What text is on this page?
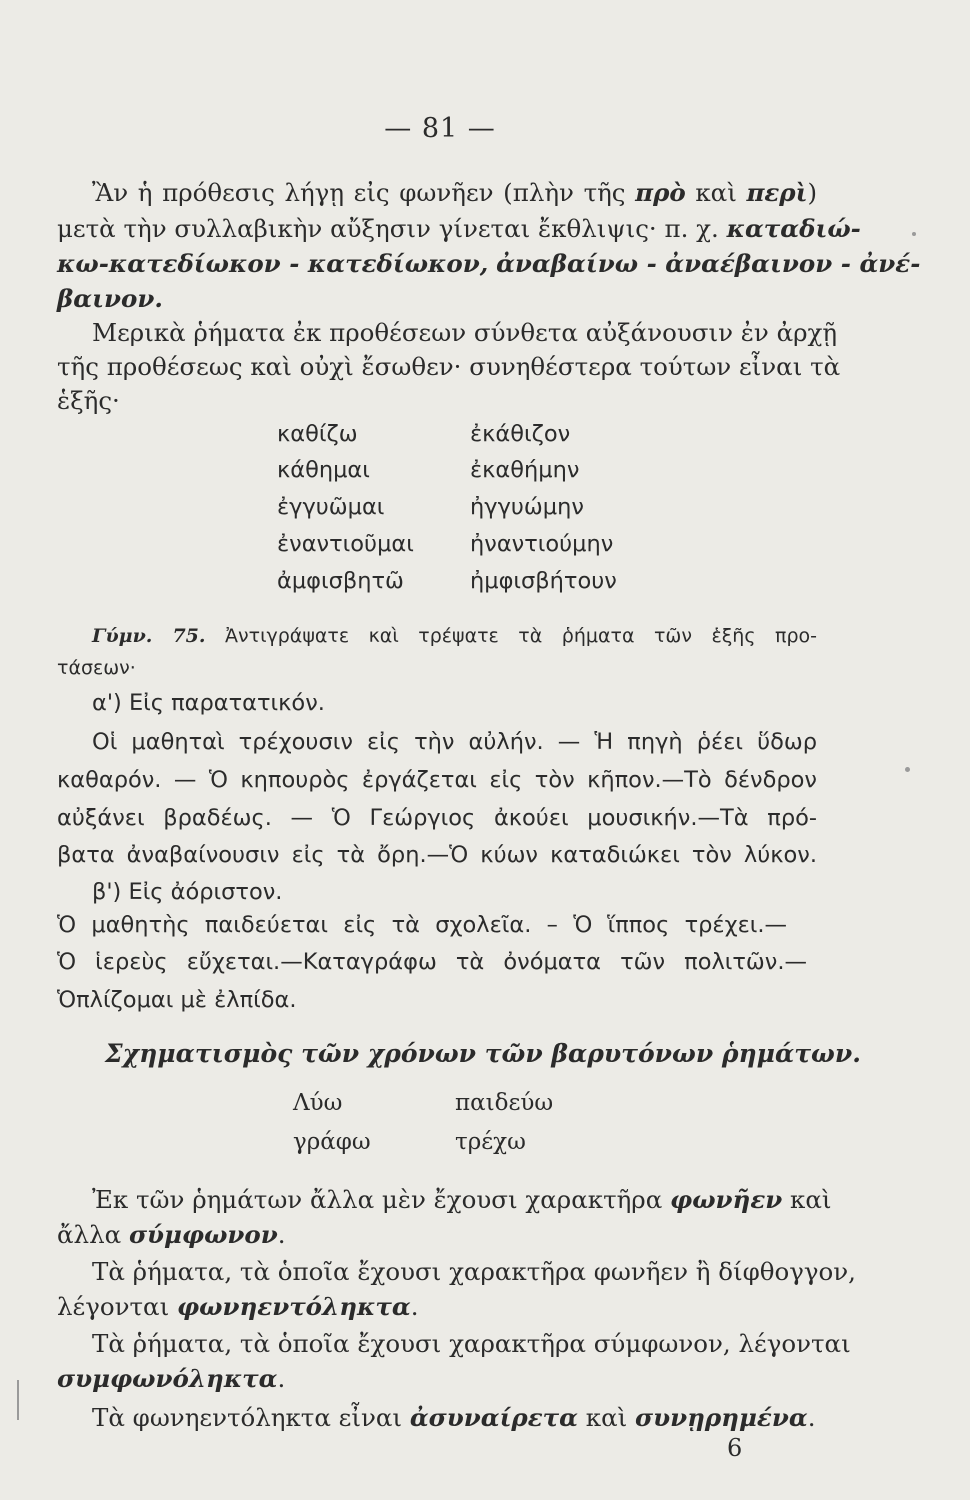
— 81 —
Ἂν ἡ πρόθεσις λήγῃ εἰς φωνῆεν (πλὴν τῆς πρὸ καὶ περὶ)
μετὰ τὴν συλλαβικὴν αὔξησιν γίνεται ἔκθλιψις· π. χ. καταδιώ-
κω-κατεδίωκον - κατεδίωκον, ἀναβαίνω - ἀναέβαινον - ἀνέ-
βαινον.
Μερικὰ ῥήματα ἐκ προθέσεων σύνθετα αὐξάνουσιν ἐν ἀρχῇ
τῆς προθέσεως καὶ οὐχὶ ἔσωθεν· συνηθέστερα τούτων εἶναι τὰ
ἑξῆς·
καθίζω	ἐκάθιζον
κάθημαι	ἐκαθήμην
ἐγγυῶμαι	ἠγγυώμην
ἐναντιοῦμαι ἠναντιούμην
ἀμφισβητῶ	ἠμφισβήτουν
Γύμν. 75. Ἀντιγράψατε καὶ τρέψατε τὰ ῥήματα τῶν ἑξῆς προ-
τάσεων·
α') Εἰς παρατατικόν.
Οἱ μαθηταὶ τρέχουσιν εἰς τὴν αὐλήν. — Ἡ πηγὴ ῥέει ὕδωρ
καθαρόν. — Ὁ κηπουρὸς ἐργάζεται εἰς τὸν κῆπον.—Τὸ δένδρον
αὐξάνει βραδέως. — Ὁ Γεώργιος ἀκούει μουσικήν.—Τὰ πρό-
βατα ἀναβαίνουσιν εἰς τὰ ὄρη.—Ὁ κύων καταδιώκει τὸν λύκον.
β') Εἰς ἀόριστον.
Ὁ μαθητὴς παιδεύεται εἰς τὰ σχολεῖα. – Ὁ ἵππος τρέχει.—
Ὁ ἱερεὺς εὔχεται.—Καταγράφω τὰ ὀνόματα τῶν πολιτῶν.—
Ὁπλίζομαι μὲ ἐλπίδα.
Σχηματισμὸς τῶν χρόνων τῶν βαρυτόνων ῥημάτων.
Λύω	παιδεύω
γράφω	τρέχω
Ἐκ τῶν ῥημάτων ἄλλα μὲν ἔχουσι χαρακτῆρα φωνῆεν καὶ
ἄλλα σύμφωνον.
Τὰ ῥήματα, τὰ ὁποῖα ἔχουσι χαρακτῆρα φωνῆεν ἢ δίφθογγον,
λέγονται φωνηεντόληκτα.
Τὰ ῥήματα, τὰ ὁποῖα ἔχουσι χαρακτῆρα σύμφωνον, λέγονται
συμφωνόληκτα.
Τὰ φωνηεντόληκτα εἶναι ἀσυναίρετα καὶ συνῃρημένα.
6
